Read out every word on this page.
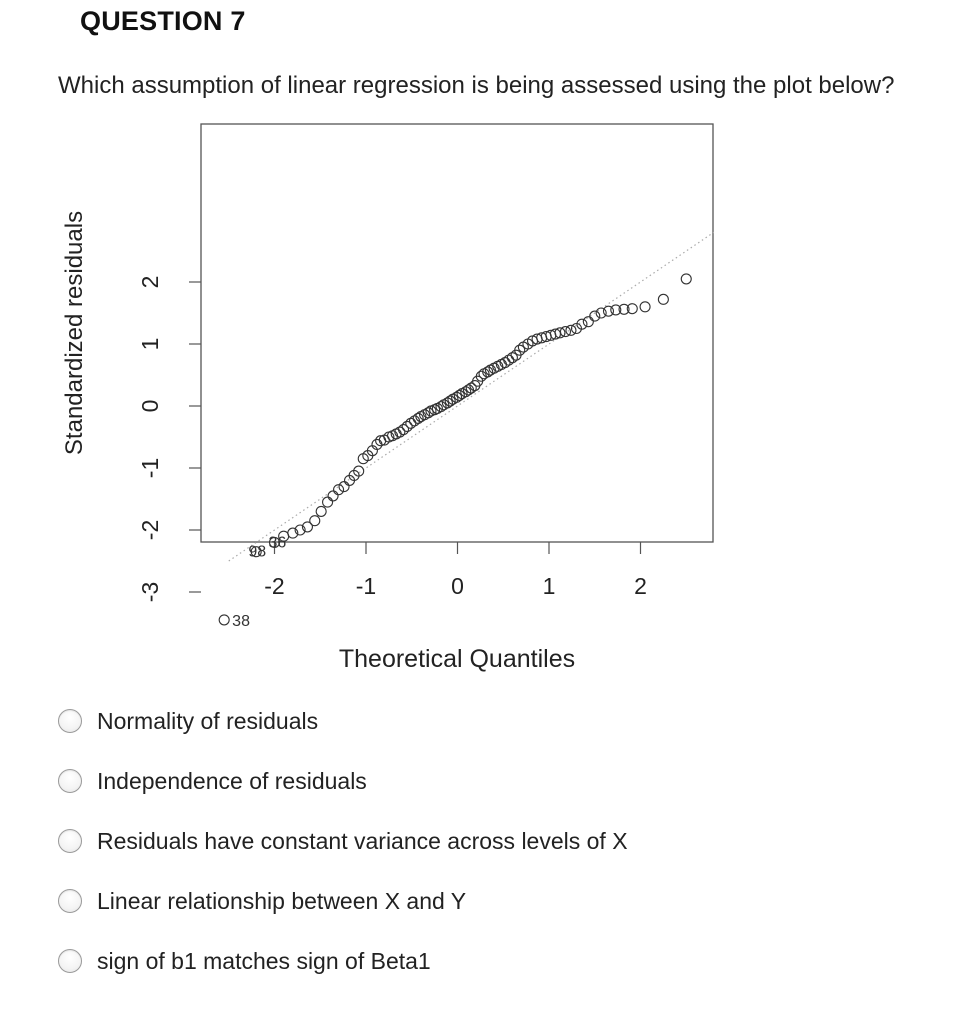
QUESTION 7
Which assumption of linear regression is being assessed using the plot below?
-3
-2
-1
0
1
2
-2	-1	0	1	2
38
98
36
Theoretical Quantiles
Standardized residuals
Normality of residuals
Independence of residuals
Residuals have constant variance across levels of X
Linear relationship between X and Y
sign of b1 matches sign of Beta1
